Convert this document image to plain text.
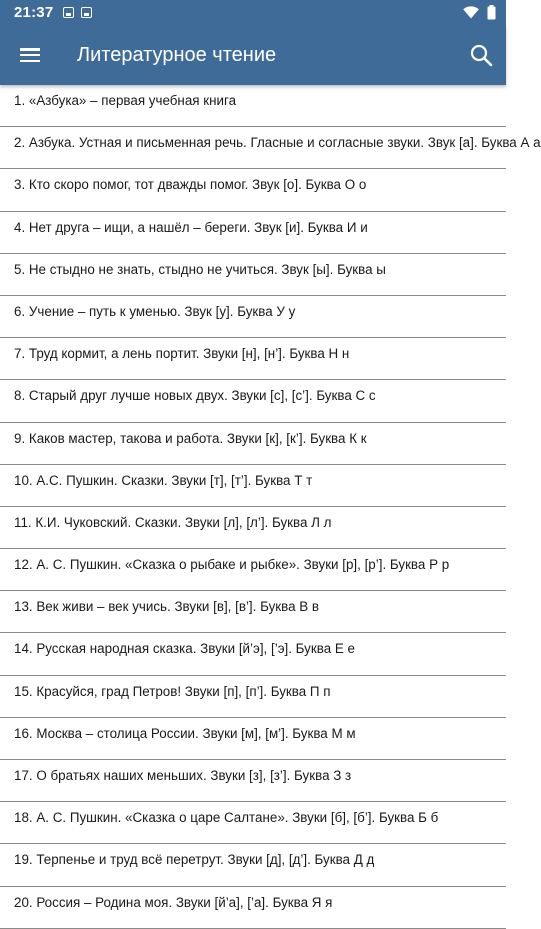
21:37
Литературное чтение
1. «Азбука» – первая учебная книга
2. Азбука. Устная и письменная речь. Гласные и согласные звуки. Звук [а]. Буква А а
3. Кто скоро помог, тот дважды помог. Звук [о]. Буква О о
4. Нет друга – ищи, а нашёл – береги. Звук [и]. Буква И и
5. Не стыдно не знать, стыдно не учиться. Звук [ы]. Буква ы
6. Учение – путь к уменью. Звук [у]. Буква У у
7. Труд кормит, а лень портит. Звуки [н], [н’]. Буква Н н
8. Старый друг лучше новых двух. Звуки [с], [с’]. Буква С с
9. Каков мастер, такова и работа. Звуки [к], [к’]. Буква К к
10. А.С. Пушкин. Сказки. Звуки [т], [т’]. Буква Т т
11. К.И. Чуковский. Сказки. Звуки [л], [л’]. Буква Л л
12. А. С. Пушкин. «Сказка о рыбаке и рыбке». Звуки [р], [р’]. Буква Р р
13. Век живи – век учись. Звуки [в], [в’]. Буква В в
14. Русская народная сказка. Звуки [й’э], [’э]. Буква Е е
15. Красуйся, град Петров! Звуки [п], [п’]. Буква П п
16. Москва – столица России. Звуки [м], [м’]. Буква М м
17. О братьях наших меньших. Звуки [з], [з’]. Буква З з
18. А. С. Пушкин. «Сказка о царе Салтане». Звуки [б], [б’]. Буква Б б
19. Терпенье и труд всё перетрут. Звуки [д], [д’]. Буква Д д
20. Россия – Родина моя. Звуки [й’а], [’а]. Буква Я я
